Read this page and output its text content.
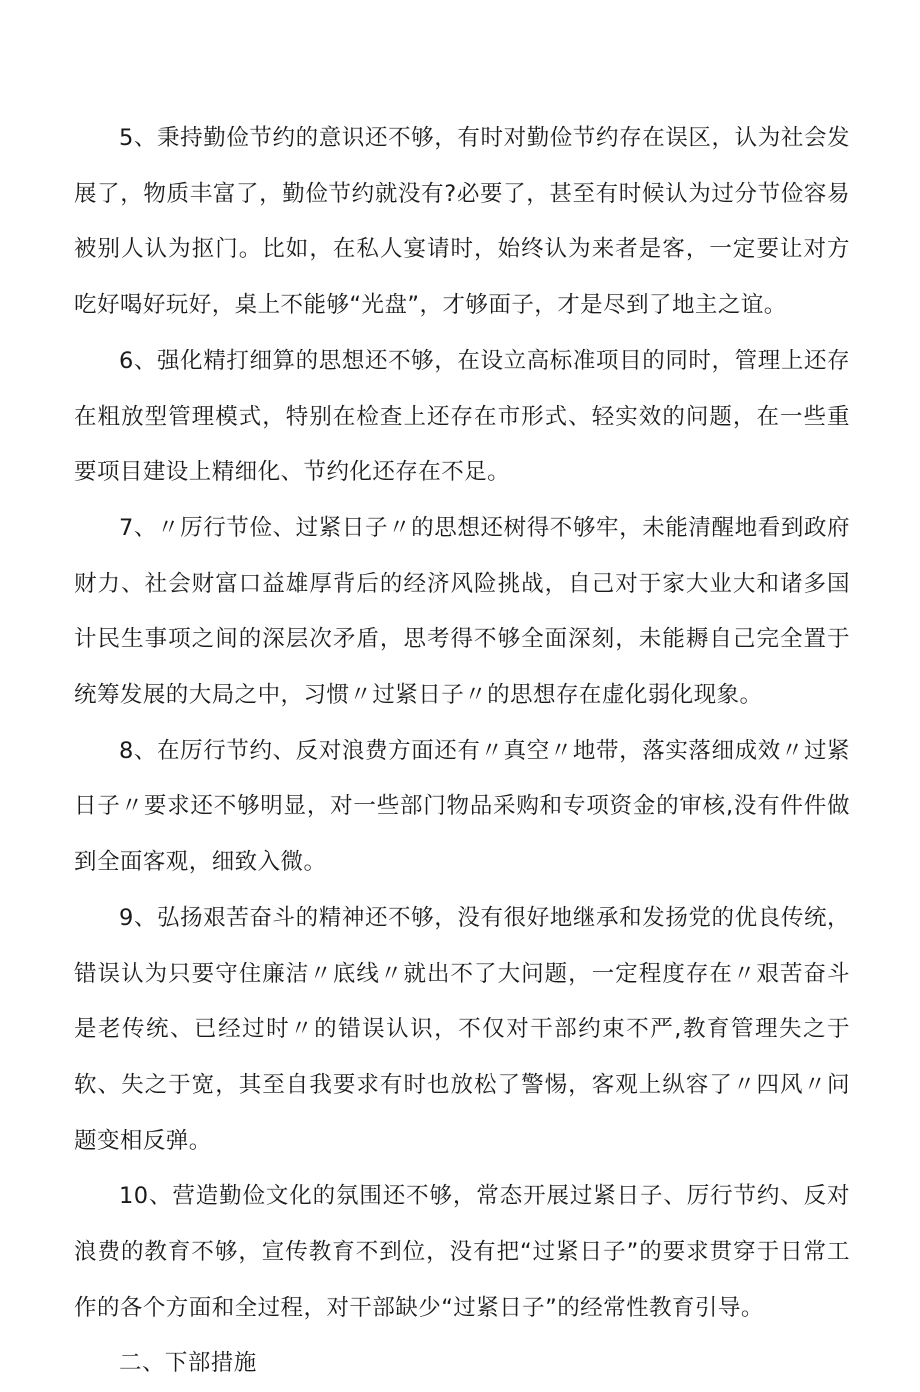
5、秉持勤俭节约的意识还不够，有时对勤俭节约存在误区，认为社会发展了，物质丰富了，勤俭节约就没有?必要了，甚至有时候认为过分节俭容易被别人认为抠门。比如，在私人宴请时，始终认为来者是客，一定要让对方吃好喝好玩好，桌上不能够“光盘”，才够面子，才是尽到了地主之谊。

6、强化精打细算的思想还不够，在设立高标准项目的同时，管理上还存在粗放型管理模式，特别在检查上还存在市形式、轻实效的问题，在一些重要项目建设上精细化、节约化还存在不足。

7、〃厉行节俭、过紧日子〃的思想还树得不够牢，未能清醒地看到政府财力、社会财富口益雄厚背后的经济风险挑战，自己对于家大业大和诸多国计民生事项之间的深层次矛盾，思考得不够全面深刻，未能耨自己完全置于统筹发展的大局之中，习惯〃过紧日子〃的思想存在虚化弱化现象。

8、在厉行节约、反对浪费方面还有〃真空〃地带，落实落细成效〃过紧日子〃要求还不够明显，对一些部门物品采购和专项资金的审核,没有件件做到全面客观，细致入微。

9、弘扬艰苦奋斗的精神还不够，没有很好地继承和发扬党的优良传统，错误认为只要守住廉洁〃底线〃就出不了大问题，一定程度存在〃艰苦奋斗是老传统、已经过时〃的错误认识，不仅对干部约束不严,教育管理失之于软、失之于宽，其至自我要求有时也放松了警惕，客观上纵容了〃四风〃问题变相反弹。

10、营造勤俭文化的氛围还不够，常态开展过紧日子、厉行节约、反对浪费的教育不够，宣传教育不到位，没有把“过紧日子”的要求贯穿于日常工作的各个方面和全过程，对干部缺少“过紧日子”的经常性教育引导。

二、下部措施
